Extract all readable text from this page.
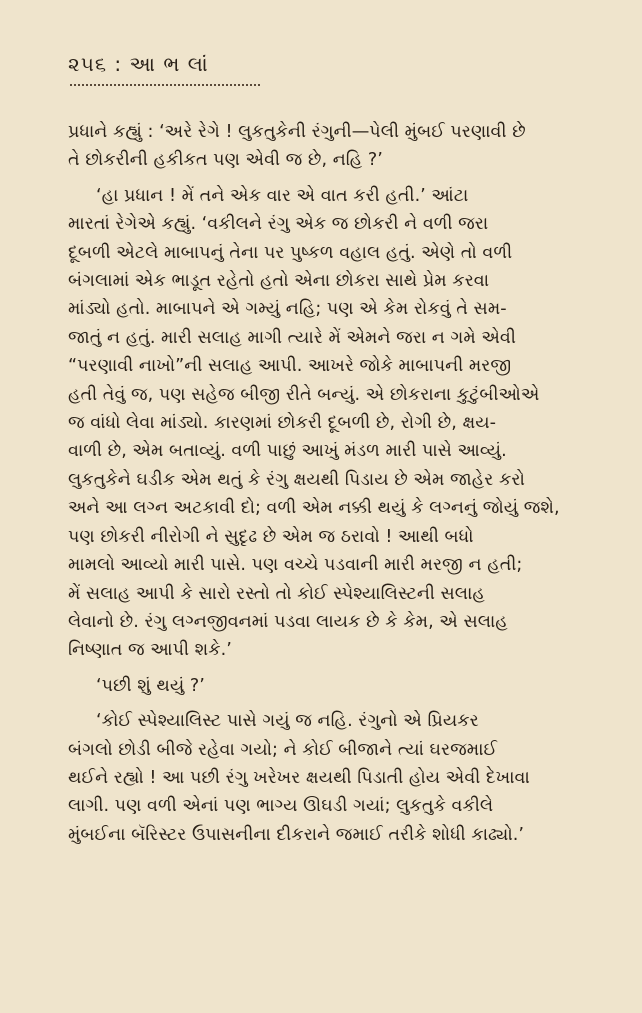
૨૫૬ : આ ભ લાં

પ્રધાને કહ્યું : ‘અરે રેગે ! લુકતુકેની રંગુની—પેલી મુંબઈ પરણાવી છે
તે છોકરીની હકીકત પણ એવી જ છે, નહિ ?’

‘હા પ્રધાન ! મેં તને એક વાર એ વાત કરી હતી.’ આંટા
મારતાં રેગેએ કહ્યું. ‘વકીલને રંગુ એક જ છોકરી ને વળી જરા
દૂબળી એટલે માબાપનું તેના પર પુષ્કળ વહાલ હતું. એણે તો વળી
બંગલામાં એક ભાડૂત રહેતો હતો એના છોકરા સાથે પ્રેમ કરવા
માંડ્યો હતો. માબાપને એ ગમ્યું નહિ; પણ એ કેમ રોકવું તે સમ-
જાતું ન હતું. મારી સલાહ માગી ત્યારે મેં એમને જરા ન ગમે એવી
“પરણાવી નાખો”ની સલાહ આપી. આખરે જોકે માબાપની મરજી
હતી તેવું જ, પણ સહેજ બીજી રીતે બન્યું. એ છોકરાના કુટુંબીઓએ
જ વાંધો લેવા માંડ્યો. કારણમાં છોકરી દૂબળી છે, રોગી છે, ક્ષય-
વાળી છે, એમ બતાવ્યું. વળી પાછું આખું મંડળ મારી પાસે આવ્યું.
લુકતુકેને ઘડીક એમ થતું કે રંગુ ક્ષયથી પિડાય છે એમ જાહેર કરો
અને આ લગ્ન અટકાવી દો; વળી એમ નક્કી થયું કે લગ્નનું જોયું જશે,
પણ છોકરી નીરોગી ને સુદૃઢ છે એમ જ ઠરાવો ! આથી બધો
મામલો આવ્યો મારી પાસે. પણ વચ્ચે પડવાની મારી મરજી ન હતી;
મેં સલાહ આપી કે સારો રસ્તો તો કોઈ સ્પેશ્યાલિસ્ટની સલાહ
લેવાનો છે. રંગુ લગ્નજીવનમાં પડવા લાયક છે કે કેમ, એ સલાહ
નિષ્ણાત જ આપી શકે.’

‘પછી શું થયું ?’

‘કોઈ સ્પેશ્યાલિસ્ટ પાસે ગયું જ નહિ. રંગુનો એ પ્રિયકર
બંગલો છોડી બીજે રહેવા ગયો; ને કોઈ બીજાને ત્યાં ઘરજમાઈ
થઈને રહ્યો ! આ પછી રંગુ ખરેખર ક્ષયથી પિડાતી હોય એવી દેખાવા
લાગી. પણ વળી એનાં પણ ભાગ્ય ઊઘડી ગયાં; લુકતુકે વકીલે
મુંબઈના બૅરિસ્ટર ઉપાસનીના દીકરાને જમાઈ તરીકે શોધી કાઢ્યો.’
